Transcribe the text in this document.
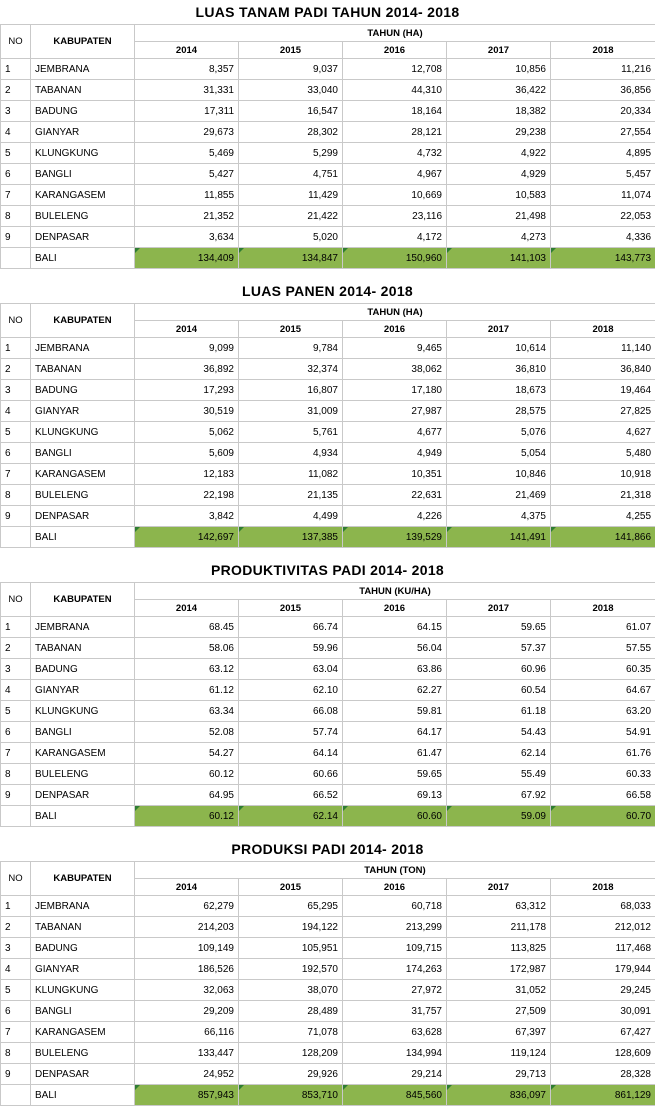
LUAS TANAM PADI TAHUN 2014- 2018
NO	KABUPATEN	TAHUN (HA)				
		2014	2015	2016	2017	2018
1	JEMBRANA	8,357	9,037	12,708	10,856	11,216
2	TABANAN	31,331	33,040	44,310	36,422	36,856
3	BADUNG	17,311	16,547	18,164	18,382	20,334
4	GIANYAR	29,673	28,302	28,121	29,238	27,554
5	KLUNGKUNG	5,469	5,299	4,732	4,922	4,895
6	BANGLI	5,427	4,751	4,967	4,929	5,457
7	KARANGASEM	11,855	11,429	10,669	10,583	11,074
8	BULELENG	21,352	21,422	23,116	21,498	22,053
9	DENPASAR	3,634	5,020	4,172	4,273	4,336
	BALI	134,409	134,847	150,960	141,103	143,773

LUAS PANEN 2014- 2018
NO	KABUPATEN	TAHUN (HA)				
		2014	2015	2016	2017	2018
1	JEMBRANA	9,099	9,784	9,465	10,614	11,140
2	TABANAN	36,892	32,374	38,062	36,810	36,840
3	BADUNG	17,293	16,807	17,180	18,673	19,464
4	GIANYAR	30,519	31,009	27,987	28,575	27,825
5	KLUNGKUNG	5,062	5,761	4,677	5,076	4,627
6	BANGLI	5,609	4,934	4,949	5,054	5,480
7	KARANGASEM	12,183	11,082	10,351	10,846	10,918
8	BULELENG	22,198	21,135	22,631	21,469	21,318
9	DENPASAR	3,842	4,499	4,226	4,375	4,255
	BALI	142,697	137,385	139,529	141,491	141,866

PRODUKTIVITAS PADI 2014- 2018
NO	KABUPATEN	TAHUN (KU/HA)				
		2014	2015	2016	2017	2018
1	JEMBRANA	68.45	66.74	64.15	59.65	61.07
2	TABANAN	58.06	59.96	56.04	57.37	57.55
3	BADUNG	63.12	63.04	63.86	60.96	60.35
4	GIANYAR	61.12	62.10	62.27	60.54	64.67
5	KLUNGKUNG	63.34	66.08	59.81	61.18	63.20
6	BANGLI	52.08	57.74	64.17	54.43	54.91
7	KARANGASEM	54.27	64.14	61.47	62.14	61.76
8	BULELENG	60.12	60.66	59.65	55.49	60.33
9	DENPASAR	64.95	66.52	69.13	67.92	66.58
	BALI	60.12	62.14	60.60	59.09	60.70

PRODUKSI PADI 2014- 2018
NO	KABUPATEN	TAHUN (TON)				
		2014	2015	2016	2017	2018
1	JEMBRANA	62,279	65,295	60,718	63,312	68,033
2	TABANAN	214,203	194,122	213,299	211,178	212,012
3	BADUNG	109,149	105,951	109,715	113,825	117,468
4	GIANYAR	186,526	192,570	174,263	172,987	179,944
5	KLUNGKUNG	32,063	38,070	27,972	31,052	29,245
6	BANGLI	29,209	28,489	31,757	27,509	30,091
7	KARANGASEM	66,116	71,078	63,628	67,397	67,427
8	BULELENG	133,447	128,209	134,994	119,124	128,609
9	DENPASAR	24,952	29,926	29,214	29,713	28,328
	BALI	857,943	853,710	845,560	836,097	861,129
